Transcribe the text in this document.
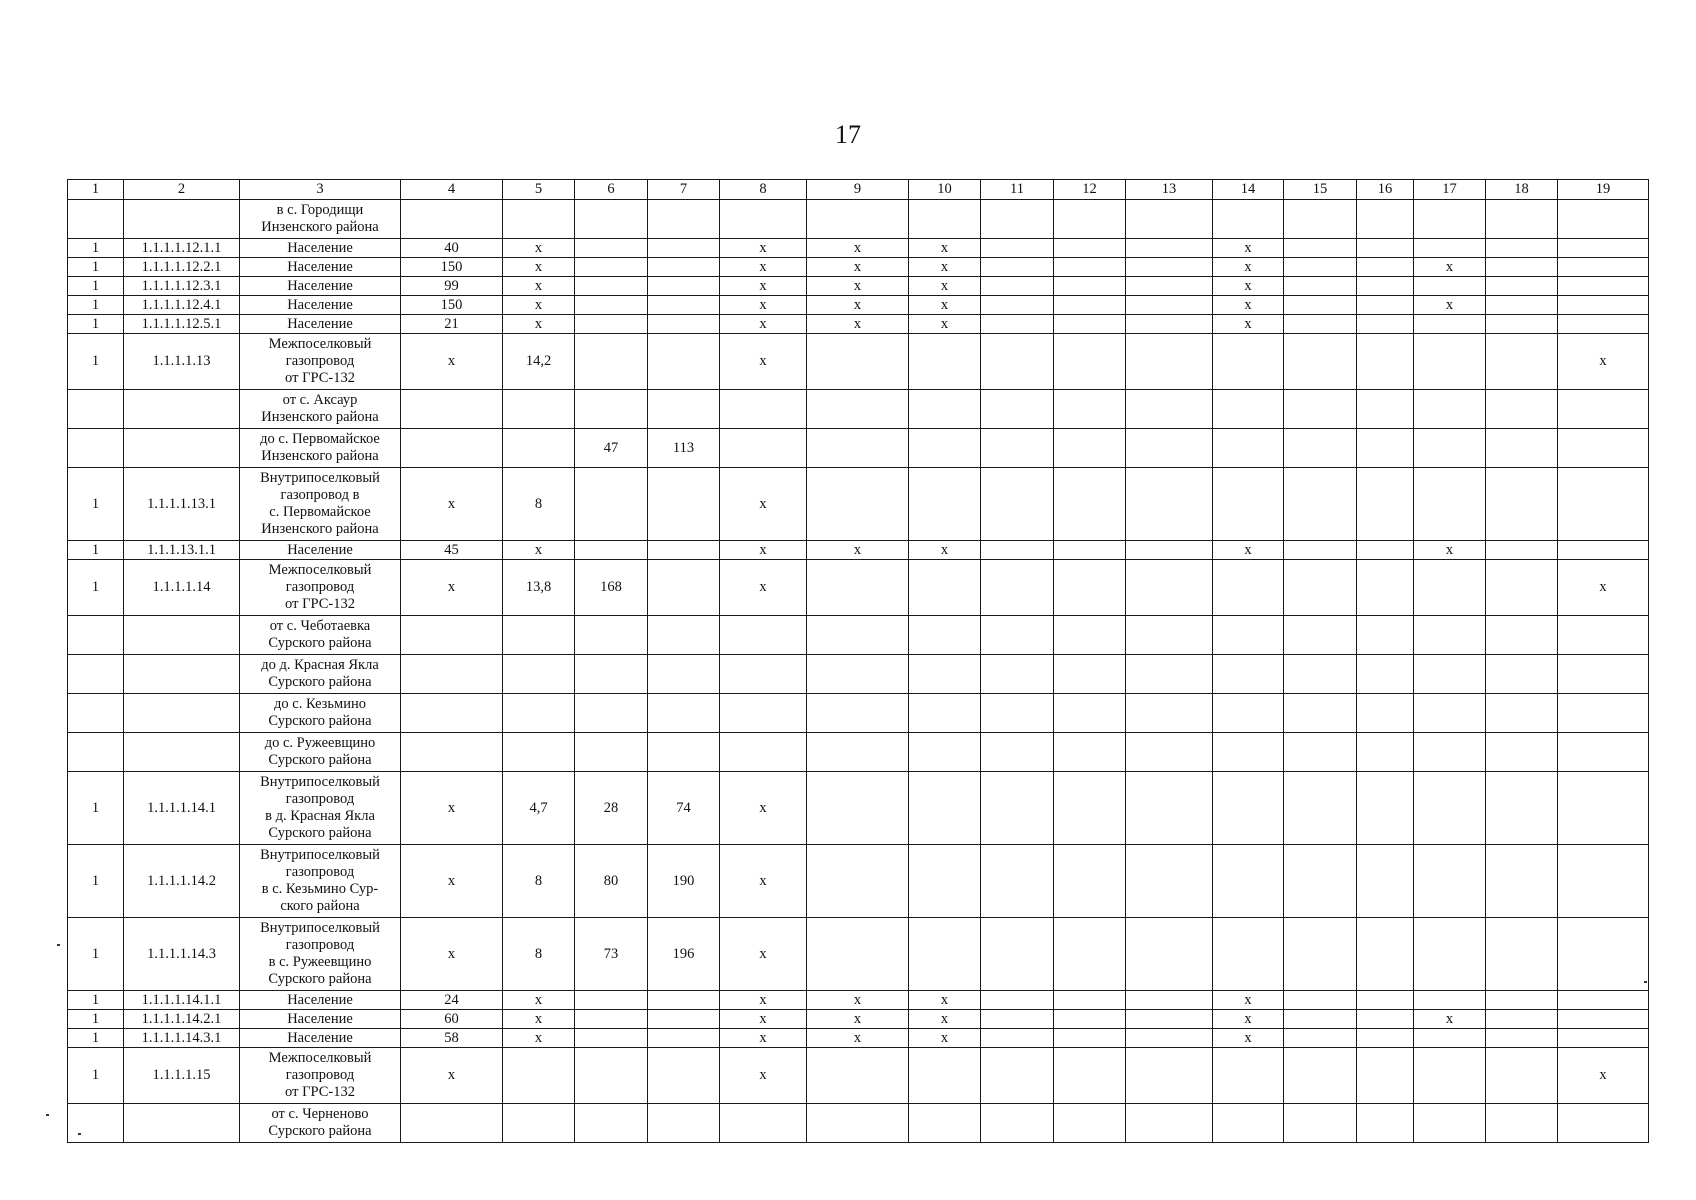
17
1	2	3	4	5	6	7	8	9	10	11	12	13	14	15	16	17	18	19
		в с. Городищи
Инзенского района																
1	1.1.1.1.12.1.1	Население	40	х			х	х	х				х					
1	1.1.1.1.12.2.1	Население	150	х			х	х	х				х			х		
1	1.1.1.1.12.3.1	Население	99	х			х	х	х				х					
1	1.1.1.1.12.4.1	Население	150	х			х	х	х				х			х		
1	1.1.1.1.12.5.1	Население	21	х			х	х	х				х					
1	1.1.1.1.13	Межпоселковый
газопровод
от ГРС-132	х	14,2			х											х
		от с. Аксаур
Инзенского района																
		до с. Первомайское
Инзенского района			47	113												
1	1.1.1.1.13.1	Внутрипоселковый
газопровод в
с. Первомайское
Инзенского района	х	8			х											
1	1.1.1.13.1.1	Население	45	х			х	х	х				х			х		
1	1.1.1.1.14	Межпоселковый
газопровод
от ГРС-132	х	13,8	168		х											х
		от с. Чеботаевка
Сурского района																
		до д. Красная Якла
Сурского района																
		до с. Кезьмино
Сурского района																
		до с. Ружеевщино
Сурского района																
1	1.1.1.1.14.1	Внутрипоселковый
газопровод
в д. Красная Якла
Сурского района	х	4,7	28	74	х											
1	1.1.1.1.14.2	Внутрипоселковый
газопровод
в с. Кезьмино Сур-
ского района	х	8	80	190	х											
1	1.1.1.1.14.3	Внутрипоселковый
газопровод
в с. Ружеевщино
Сурского района	х	8	73	196	х											
1	1.1.1.1.14.1.1	Население	24	х			х	х	х				х					
1	1.1.1.1.14.2.1	Население	60	х			х	х	х				х			х		
1	1.1.1.1.14.3.1	Население	58	х			х	х	х				х					
1	1.1.1.1.15	Межпоселковый
газопровод
от ГРС-132	х				х											х
		от с. Черненово
Сурского района																
